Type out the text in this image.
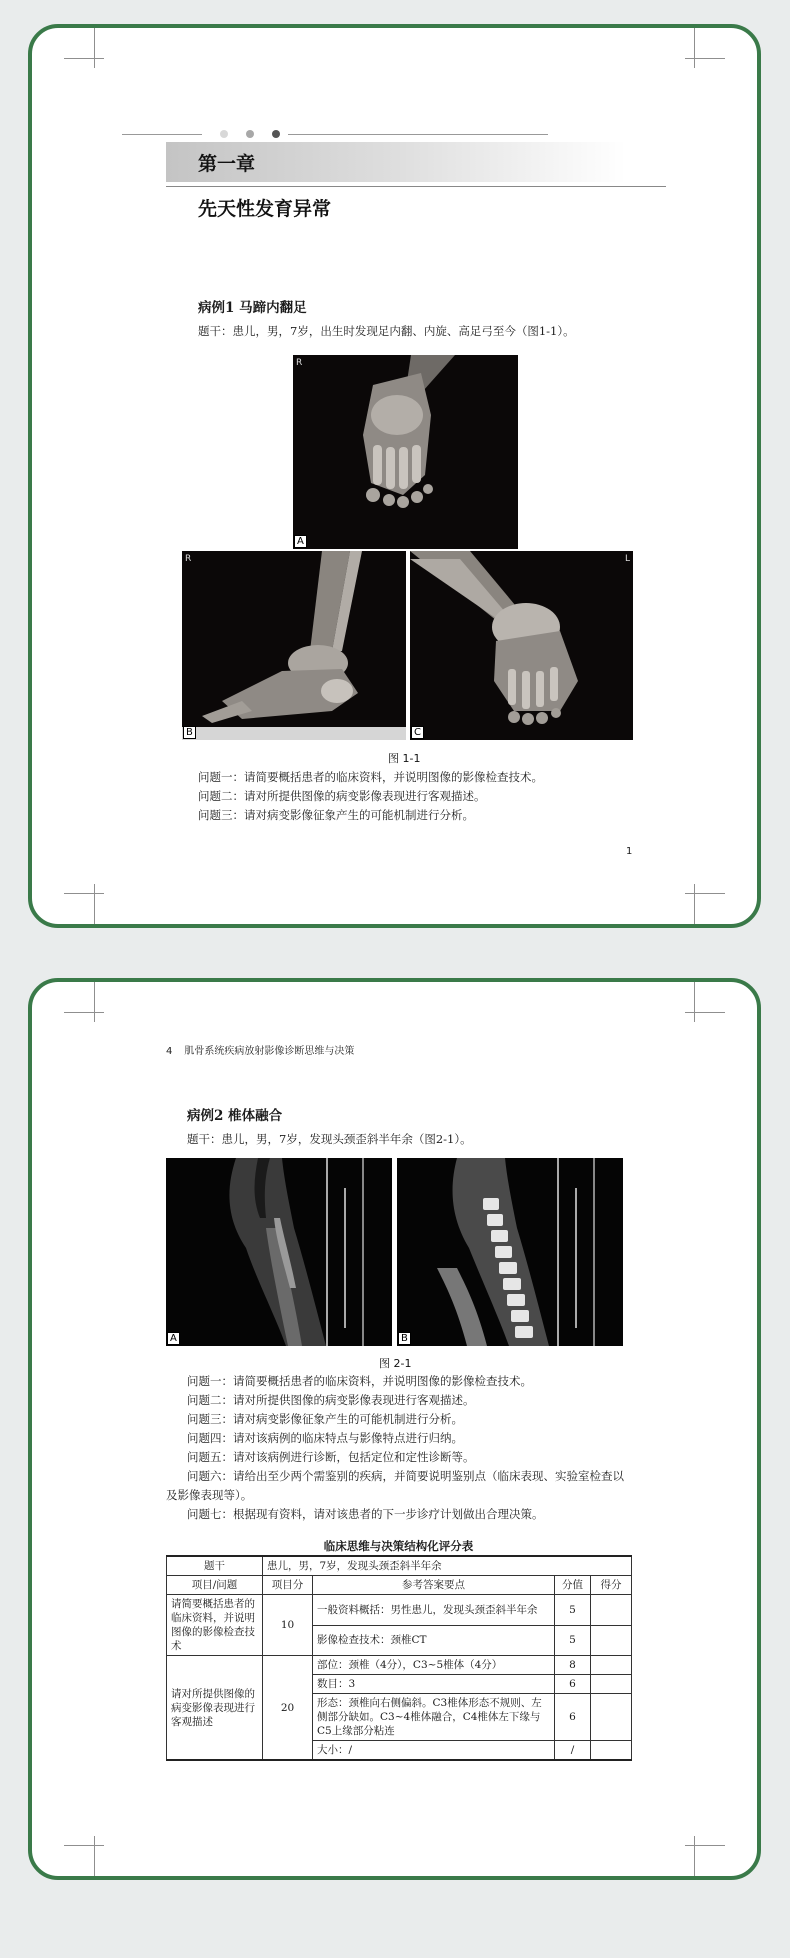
第一章
先天性发育异常
病例1 马蹄内翻足
题干：患儿，男，7岁，出生时发现足内翻、内旋、高足弓至今（图1-1）。
R
A
R
B
L
C
图 1-1
问题一：请简要概括患者的临床资料，并说明图像的影像检查技术。
问题二：请对所提供图像的病变影像表现进行客观描述。
问题三：请对病变影像征象产生的可能机制进行分析。
1
4 肌骨系统疾病放射影像诊断思维与决策
病例2 椎体融合
题干：患儿，男，7岁，发现头颈歪斜半年余（图2-1）。
A	B
图 2-1
问题一：请简要概括患者的临床资料，并说明图像的影像检查技术。
问题二：请对所提供图像的病变影像表现进行客观描述。
问题三：请对病变影像征象产生的可能机制进行分析。
问题四：请对该病例的临床特点与影像特点进行归纳。
问题五：请对该病例进行诊断，包括定位和定性诊断等。
问题六：请给出至少两个需鉴别的疾病，并简要说明鉴别点（临床表现、实验室检查以
及影像表现等）。
问题七：根据现有资料，请对该患者的下一步诊疗计划做出合理决策。
临床思维与决策结构化评分表
题干	患儿，男，7岁，发现头颈歪斜半年余			
项目/问题	项目分	参考答案要点	分值	得分
请简要概括患者的临床资料，并说明图像的影像检查技术	10	一般资料概括：男性患儿，发现头颈歪斜半年余	5	
		影像检查技术：颈椎CT	5	
请对所提供图像的病变影像表现进行客观描述	20	部位：颈椎（4分），C3~5椎体（4分）	8	
		数目：3	6	
		形态：颈椎向右侧偏斜。C3椎体形态不规则、左侧部分缺如。C3~4椎体融合，C4椎体左下缘与C5上缘部分粘连	6	
		大小：/	/	
